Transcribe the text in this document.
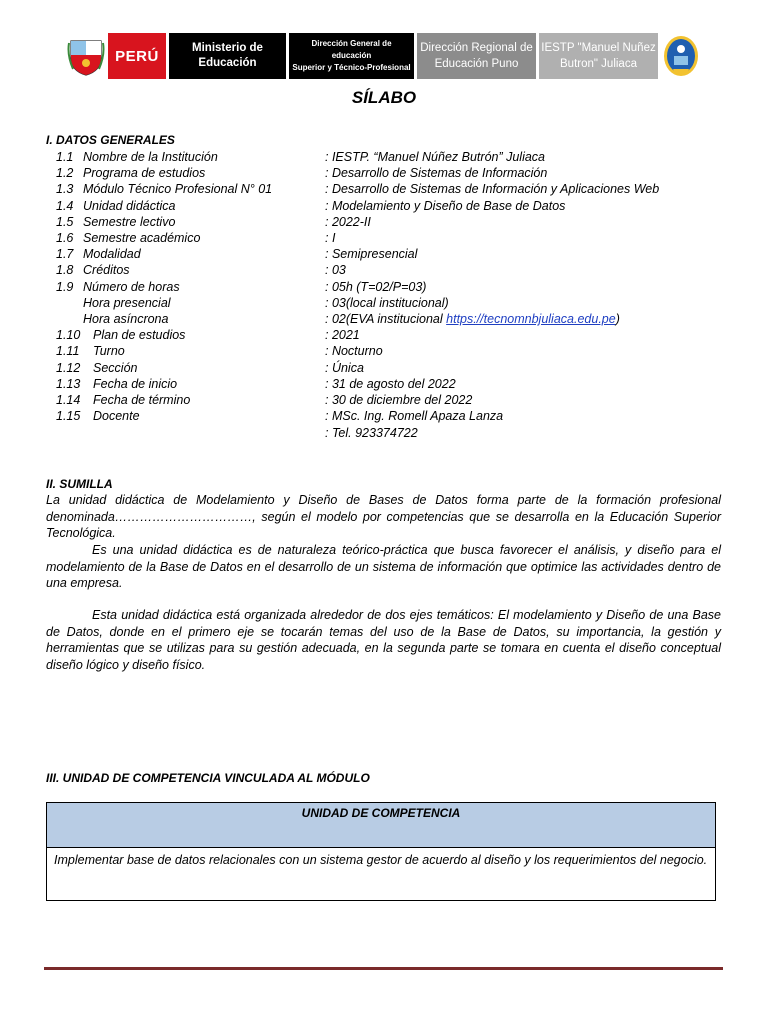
PERÚ	Ministerio de
Educación
Dirección General de educación
Superior y Técnico-Profesional
Dirección Regional de
Educación Puno
IESTP "Manuel Nuñez
Butron" Juliaca
SÍLABO
I. DATOS GENERALES
1.1 Nombre de la Institución	: IESTP. “Manuel Núñez Butrón” Juliaca
1.2 Programa de estudios	: Desarrollo de Sistemas de Información
1.3 Módulo Técnico Profesional N° 01	: Desarrollo de Sistemas de Información y Aplicaciones Web
1.4 Unidad didáctica	: Modelamiento y Diseño de Base de Datos
1.5 Semestre lectivo	: 2022-II
1.6 Semestre académico	: I
1.7 Modalidad	: Semipresencial
1.8 Créditos	: 03
1.9 Número de horas	: 05h (T=02/P=03)
Hora presencial	: 03(local institucional)
Hora asíncrona	: 02(EVA institucional https://tecnomnbjuliaca.edu.pe)
1.10 Plan de estudios	: 2021
1.11 Turno	: Nocturno
1.12 Sección	: Única
1.13 Fecha de inicio	: 31 de agosto del 2022
1.14 Fecha de término	: 30 de diciembre del 2022
1.15 Docente	: MSc. Ing. Romell Apaza Lanza
: Tel. 923374722
II. SUMILLA

La unidad didáctica de Modelamiento y Diseño de Bases de Datos forma parte de la formación profesional denominada……………………………, según el modelo por competencias que se desarrolla en la Educación Superior Tecnológica.

Es una unidad didáctica es de naturaleza teórico-práctica que busca favorecer el análisis, y diseño para el modelamiento de la Base de Datos en el desarrollo de un sistema de información que optimice las actividades dentro de una empresa.

Esta unidad didáctica está organizada alrededor de dos ejes temáticos: El modelamiento y Diseño de una Base de Datos, donde en el primero eje se tocarán temas del uso de la Base de Datos, su importancia, la gestión y herramientas que se utilizas para su gestión adecuada, en la segunda parte se tomara en cuenta el diseño conceptual diseño lógico y diseño físico.

III. UNIDAD DE COMPETENCIA VINCULADA AL MÓDULO
UNIDAD DE COMPETENCIA
Implementar base de datos relacionales con un sistema gestor de acuerdo al diseño y los requerimientos del negocio.
